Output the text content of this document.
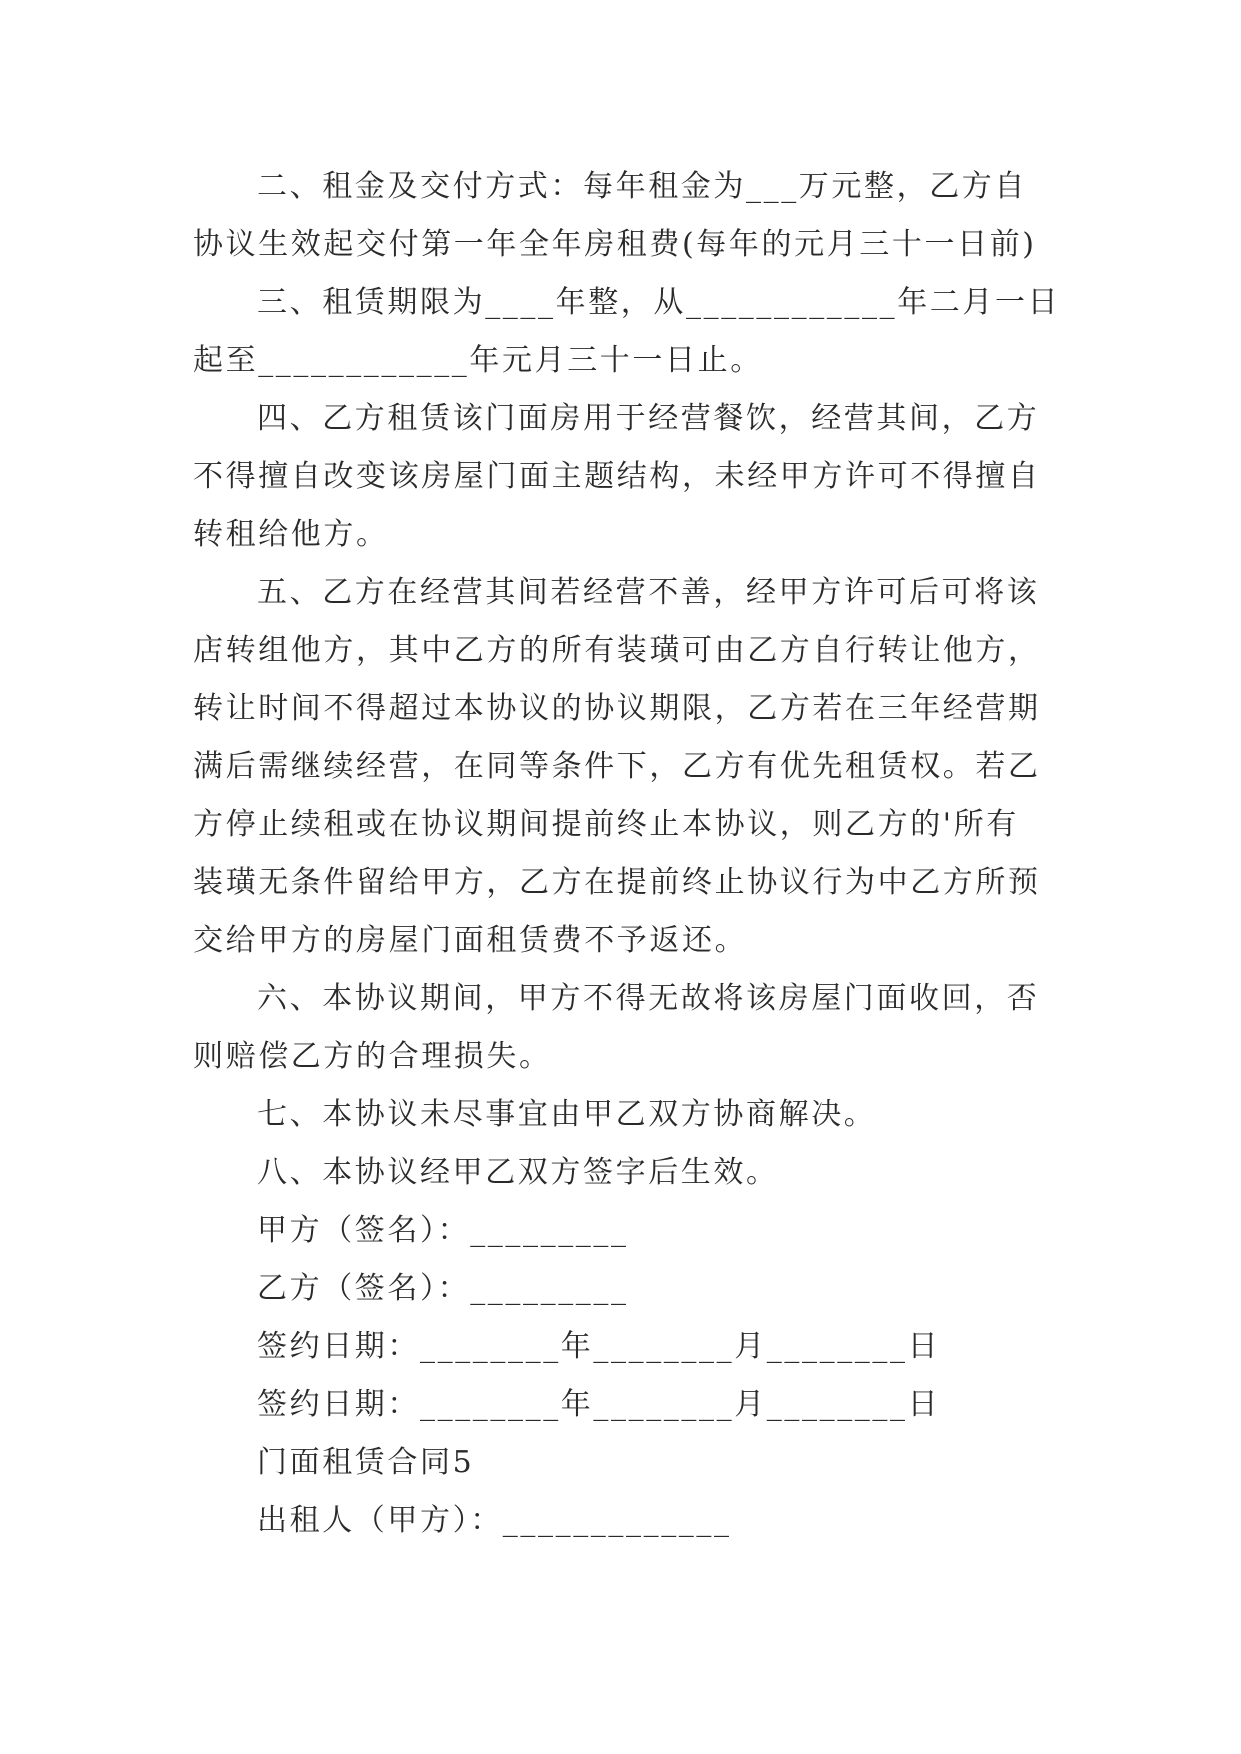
二、租金及交付方式：每年租金为___万元整，乙方自
协议生效起交付第一年全年房租费(每年的元月三十一日前)
三、租赁期限为____年整，从____________年二月一日
起至____________年元月三十一日止。
四、乙方租赁该门面房用于经营餐饮，经营其间，乙方
不得擅自改变该房屋门面主题结构，未经甲方许可不得擅自
转租给他方。
五、乙方在经营其间若经营不善，经甲方许可后可将该
店转组他方，其中乙方的所有装璜可由乙方自行转让他方，
转让时间不得超过本协议的协议期限，乙方若在三年经营期
满后需继续经营，在同等条件下，乙方有优先租赁权。若乙
方停止续租或在协议期间提前终止本协议，则乙方的'所有
装璜无条件留给甲方，乙方在提前终止协议行为中乙方所预
交给甲方的房屋门面租赁费不予返还。
六、本协议期间，甲方不得无故将该房屋门面收回，否
则赔偿乙方的合理损失。
七、本协议未尽事宜由甲乙双方协商解决。
八、本协议经甲乙双方签字后生效。
甲方（签名）：_________
乙方（签名）：_________
签约日期：________年________月________日
签约日期：________年________月________日
门面租赁合同5
出租人（甲方）：_____________
